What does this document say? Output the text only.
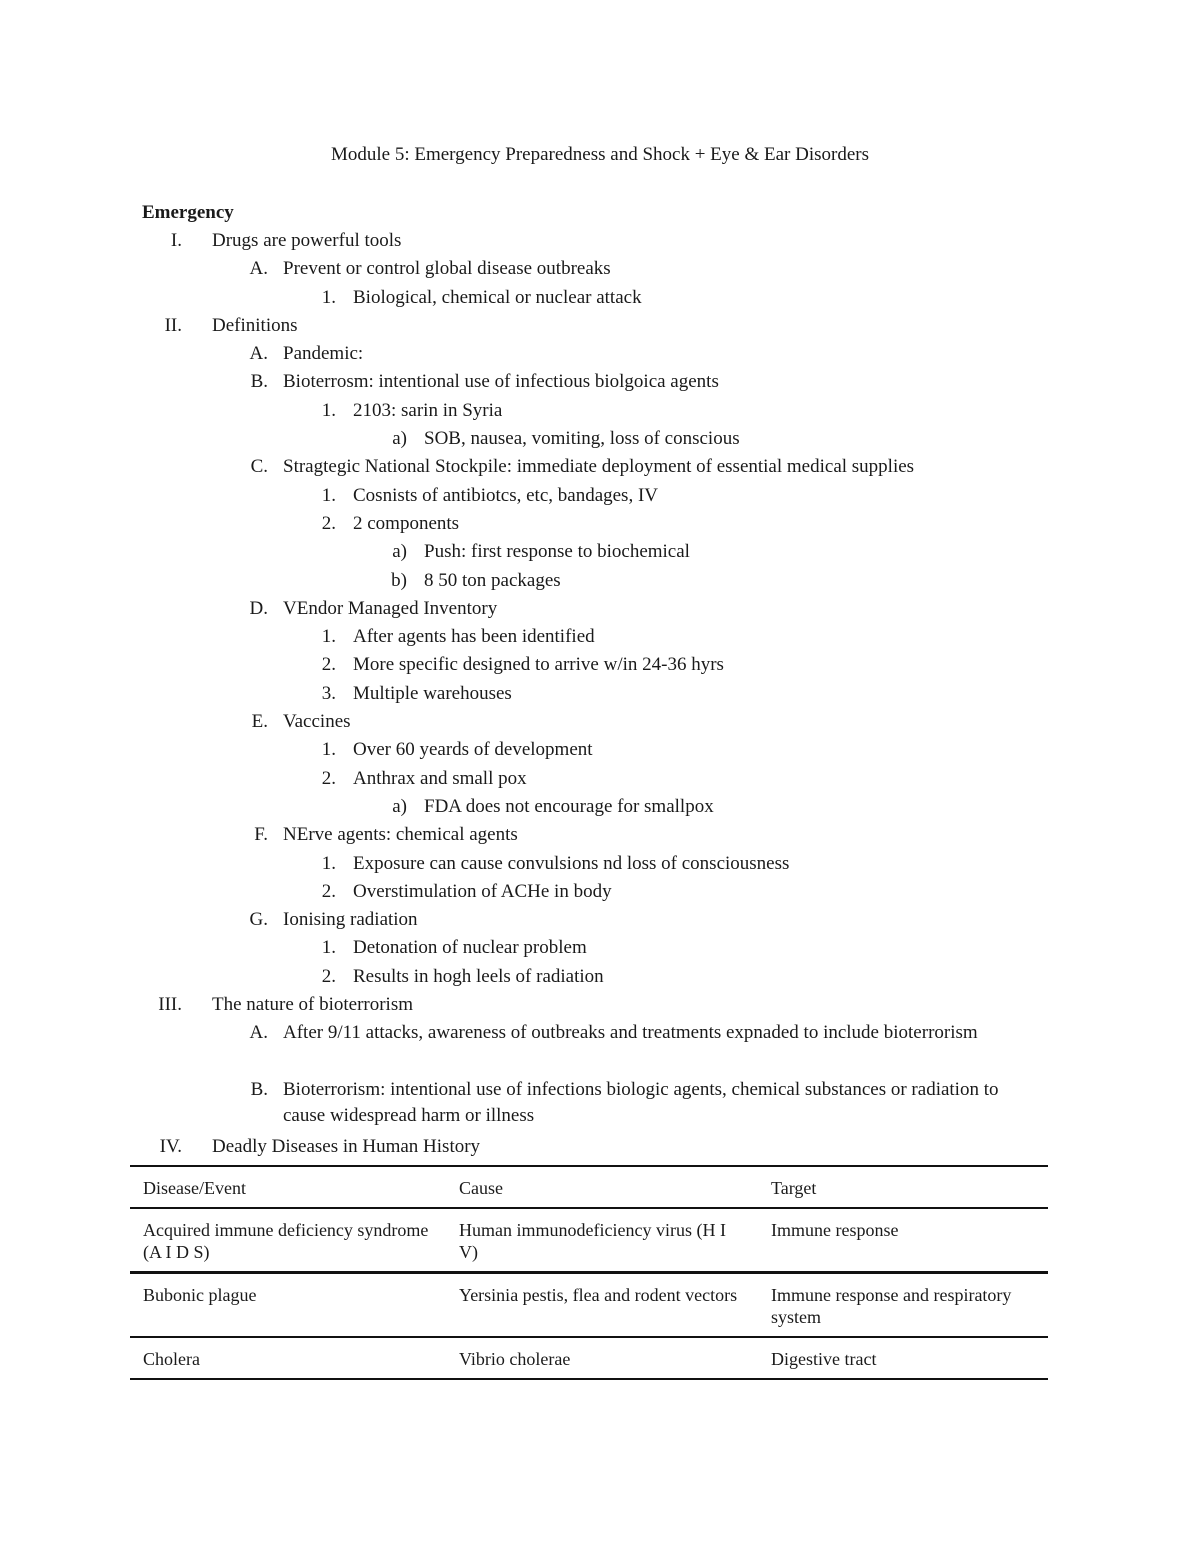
Module 5: Emergency Preparedness and Shock + Eye & Ear Disorders
Emergency
I. Drugs are powerful tools
A. Prevent or control global disease outbreaks
1. Biological, chemical or nuclear attack
II. Definitions
A. Pandemic:
B. Bioterrosm: intentional use of infectious biolgoica agents
1. 2103: sarin in Syria
a) SOB, nausea, vomiting, loss of conscious
C. Stragtegic National Stockpile: immediate deployment of essential medical supplies
1. Cosnists of antibiotcs, etc, bandages, IV
2. 2 components
a) Push: first response to biochemical
b) 8 50 ton packages
D. VEndor Managed Inventory
1. After agents has been identified
2. More specific designed to arrive w/in 24-36 hyrs
3. Multiple warehouses
E. Vaccines
1. Over 60 yeards of development
2. Anthrax and small pox
a) FDA does not encourage for smallpox
F. NErve agents: chemical agents
1. Exposure can cause convulsions nd loss of consciousness
2. Overstimulation of ACHe in body
G. Ionising radiation
1. Detonation of nuclear problem
2. Results in hogh leels of radiation
III. The nature of bioterrorism
A. After 9/11 attacks, awareness of outbreaks and treatments expnaded to include bioterrorism
B. Bioterrorism: intentional use of infections biologic agents, chemical substances or radiation to cause widespread harm or illness
IV. Deadly Diseases in Human History
Disease/Event	Cause	Target
Acquired immune deficiency syndrome (A I D S)	Human immunodeficiency virus (H I V)	Immune response
Bubonic plague	Yersinia pestis, flea and rodent vectors	Immune response and respiratory system
Cholera	Vibrio cholerae	Digestive tract
